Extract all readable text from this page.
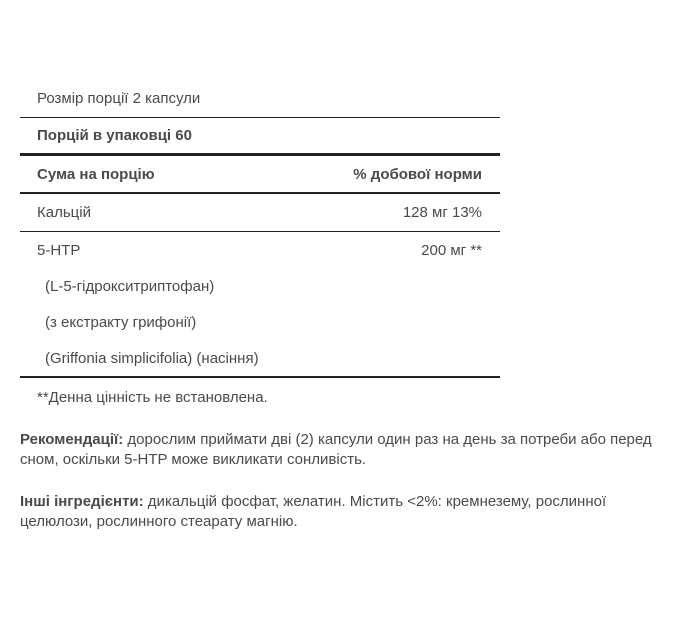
Розмір порції 2 капсули
Порцій в упаковці 60
Сума на порцію	% добової норми
Кальцій	128 мг 13%
5-HTP	200 мг **
(L-5-гідрокситриптофан)
(з екстракту грифонії)
(Griffonia simplicifolia) (насіння)
**Денна цінність не встановлена.
Рекомендації: дорослим приймати дві (2) капсули один раз на день за потреби або перед сном, оскільки 5-HTP може викликати сонливість.
Інші інгредієнти: дикальцій фосфат, желатин. Містить <2%: кремнезему, рослинної целюлози, рослинного стеарату магнію.
